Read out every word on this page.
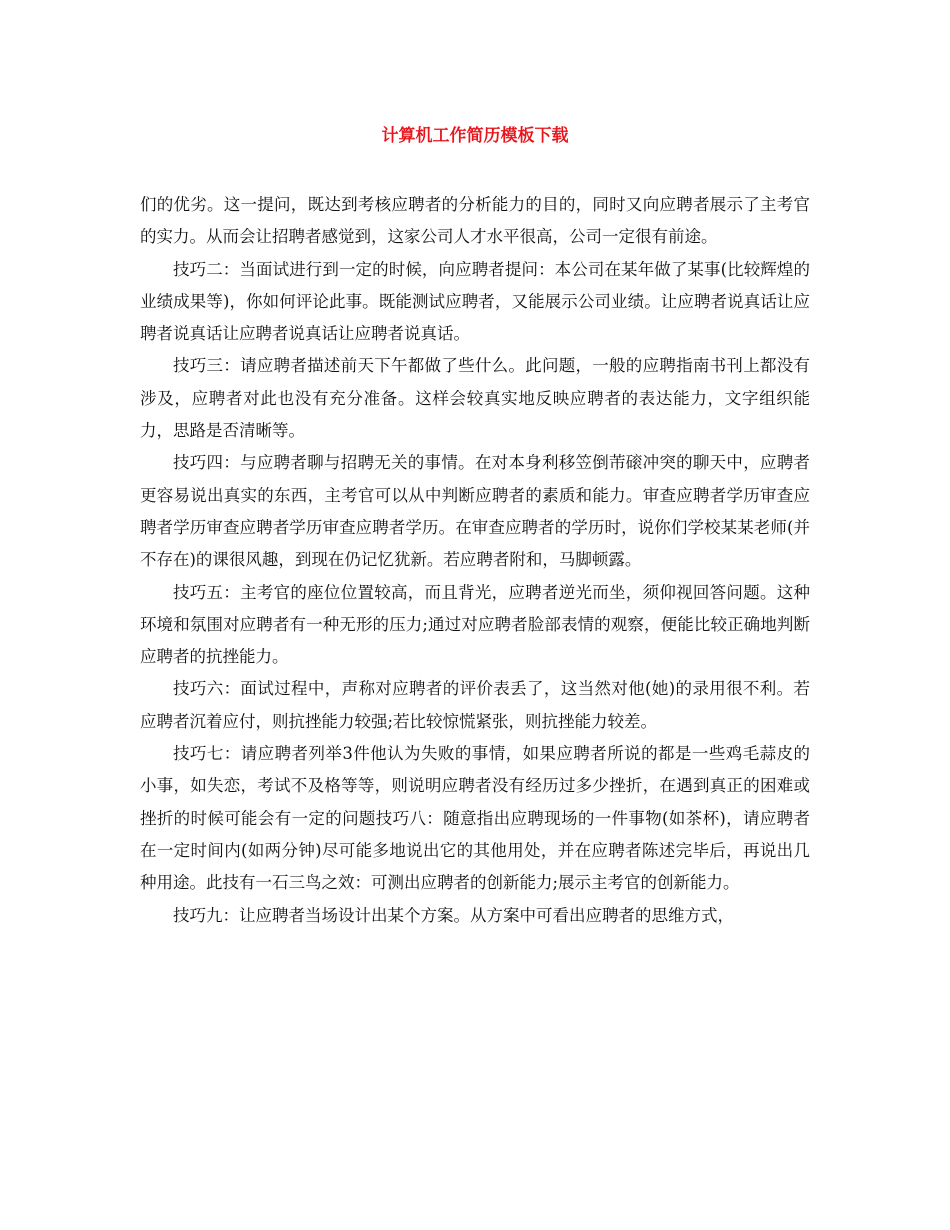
计算机工作简历模板下载

们的优劣。这一提问，既达到考核应聘者的分析能力的目的，同时又向应聘者展示了主考官的实力。从而会让招聘者感觉到，这家公司人才水平很高，公司一定很有前途。

技巧二：当面试进行到一定的时候，向应聘者提问：本公司在某年做了某事(比较辉煌的业绩成果等)，你如何评论此事。既能测试应聘者，又能展示公司业绩。让应聘者说真话让应聘者说真话让应聘者说真话让应聘者说真话。

技巧三：请应聘者描述前天下午都做了些什么。此问题，一般的应聘指南书刊上都没有涉及，应聘者对此也没有充分准备。这样会较真实地反映应聘者的表达能力，文字组织能力，思路是否清晰等。

技巧四：与应聘者聊与招聘无关的事情。在对本身利移笠倒芾磙冲突的聊天中，应聘者更容易说出真实的东西，主考官可以从中判断应聘者的素质和能力。审查应聘者学历审查应聘者学历审查应聘者学历审查应聘者学历。在审查应聘者的学历时，说你们学校某某老师(并不存在)的课很风趣，到现在仍记忆犹新。若应聘者附和，马脚顿露。

技巧五：主考官的座位位置较高，而且背光，应聘者逆光而坐，须仰视回答问题。这种环境和氛围对应聘者有一种无形的压力;通过对应聘者脸部表情的观察，便能比较正确地判断应聘者的抗挫能力。

技巧六：面试过程中，声称对应聘者的评价表丢了，这当然对他(她)的录用很不利。若应聘者沉着应付，则抗挫能力较强;若比较惊慌紧张，则抗挫能力较差。

技巧七：请应聘者列举3件他认为失败的事情，如果应聘者所说的都是一些鸡毛蒜皮的小事，如失恋，考试不及格等等，则说明应聘者没有经历过多少挫折，在遇到真正的困难或挫折的时候可能会有一定的问题技巧八：随意指出应聘现场的一件事物(如茶杯)，请应聘者在一定时间内(如两分钟)尽可能多地说出它的其他用处，并在应聘者陈述完毕后，再说出几种用途。此技有一石三鸟之效：可测出应聘者的创新能力;展示主考官的创新能力。

技巧九：让应聘者当场设计出某个方案。从方案中可看出应聘者的思维方式，
